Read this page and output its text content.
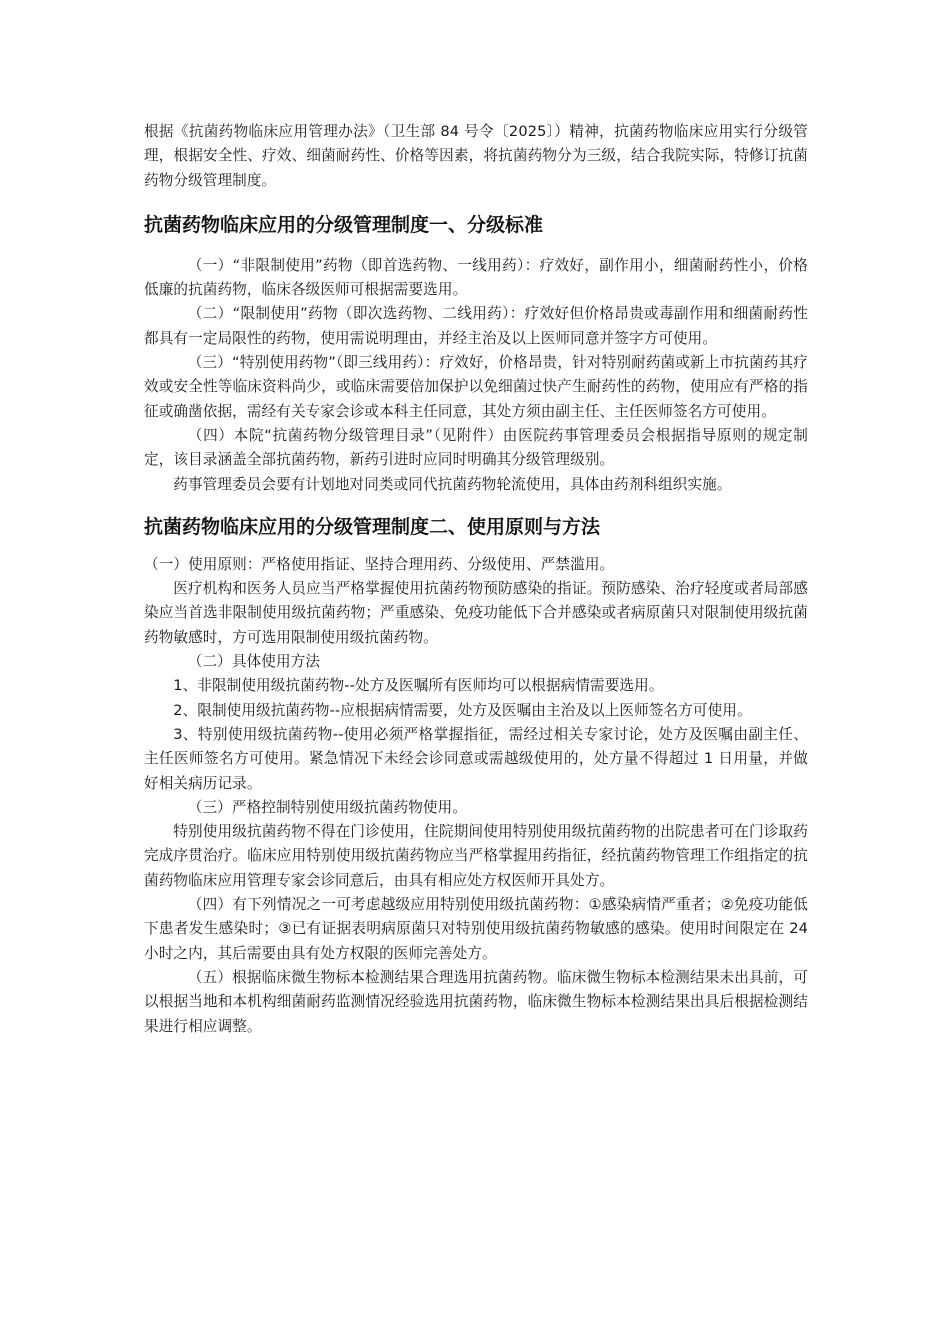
根据《抗菌药物临床应用管理办法》（卫生部 84 号令〔2025〕）精神，抗菌药物临床应用实行分级管理，根据安全性、疗效、细菌耐药性、价格等因素，将抗菌药物分为三级，结合我院实际，特修订抗菌药物分级管理制度。

抗菌药物临床应用的分级管理制度一、分级标准

（一）“非限制使用”药物（即首选药物、一线用药）：疗效好，副作用小，细菌耐药性小，价格低廉的抗菌药物，临床各级医师可根据需要选用。

（二）“限制使用”药物（即次选药物、二线用药）：疗效好但价格昂贵或毒副作用和细菌耐药性都具有一定局限性的药物，使用需说明理由，并经主治及以上医师同意并签字方可使用。

（三）“特别使用药物”（即三线用药）：疗效好，价格昂贵，针对特别耐药菌或新上市抗菌药其疗效或安全性等临床资料尚少，或临床需要倍加保护以免细菌过快产生耐药性的药物，使用应有严格的指征或确凿依据，需经有关专家会诊或本科主任同意，其处方须由副主任、主任医师签名方可使用。

（四）本院“抗菌药物分级管理目录”（见附件）由医院药事管理委员会根据指导原则的规定制定，该目录涵盖全部抗菌药物，新药引进时应同时明确其分级管理级别。

药事管理委员会要有计划地对同类或同代抗菌药物轮流使用，具体由药剂科组织实施。

抗菌药物临床应用的分级管理制度二、使用原则与方法

（一）使用原则：严格使用指证、坚持合理用药、分级使用、严禁滥用。

医疗机构和医务人员应当严格掌握使用抗菌药物预防感染的指证。预防感染、治疗轻度或者局部感染应当首选非限制使用级抗菌药物；严重感染、免疫功能低下合并感染或者病原菌只对限制使用级抗菌药物敏感时，方可选用限制使用级抗菌药物。

（二）具体使用方法

1、非限制使用级抗菌药物--处方及医嘱所有医师均可以根据病情需要选用。

2、限制使用级抗菌药物--应根据病情需要，处方及医嘱由主治及以上医师签名方可使用。

3、特别使用级抗菌药物--使用必须严格掌握指征，需经过相关专家讨论，处方及医嘱由副主任、主任医师签名方可使用。紧急情况下未经会诊同意或需越级使用的，处方量不得超过 1 日用量，并做好相关病历记录。

（三）严格控制特别使用级抗菌药物使用。

特别使用级抗菌药物不得在门诊使用，住院期间使用特别使用级抗菌药物的出院患者可在门诊取药完成序贯治疗。临床应用特别使用级抗菌药物应当严格掌握用药指征，经抗菌药物管理工作组指定的抗菌药物临床应用管理专家会诊同意后，由具有相应处方权医师开具处方。

（四）有下列情况之一可考虑越级应用特别使用级抗菌药物：①感染病情严重者；②免疫功能低下患者发生感染时；③已有证据表明病原菌只对特别使用级抗菌药物敏感的感染。使用时间限定在 24 小时之内，其后需要由具有处方权限的医师完善处方。

（五）根据临床微生物标本检测结果合理选用抗菌药物。临床微生物标本检测结果未出具前，可以根据当地和本机构细菌耐药监测情况经验选用抗菌药物，临床微生物标本检测结果出具后根据检测结果进行相应调整。
